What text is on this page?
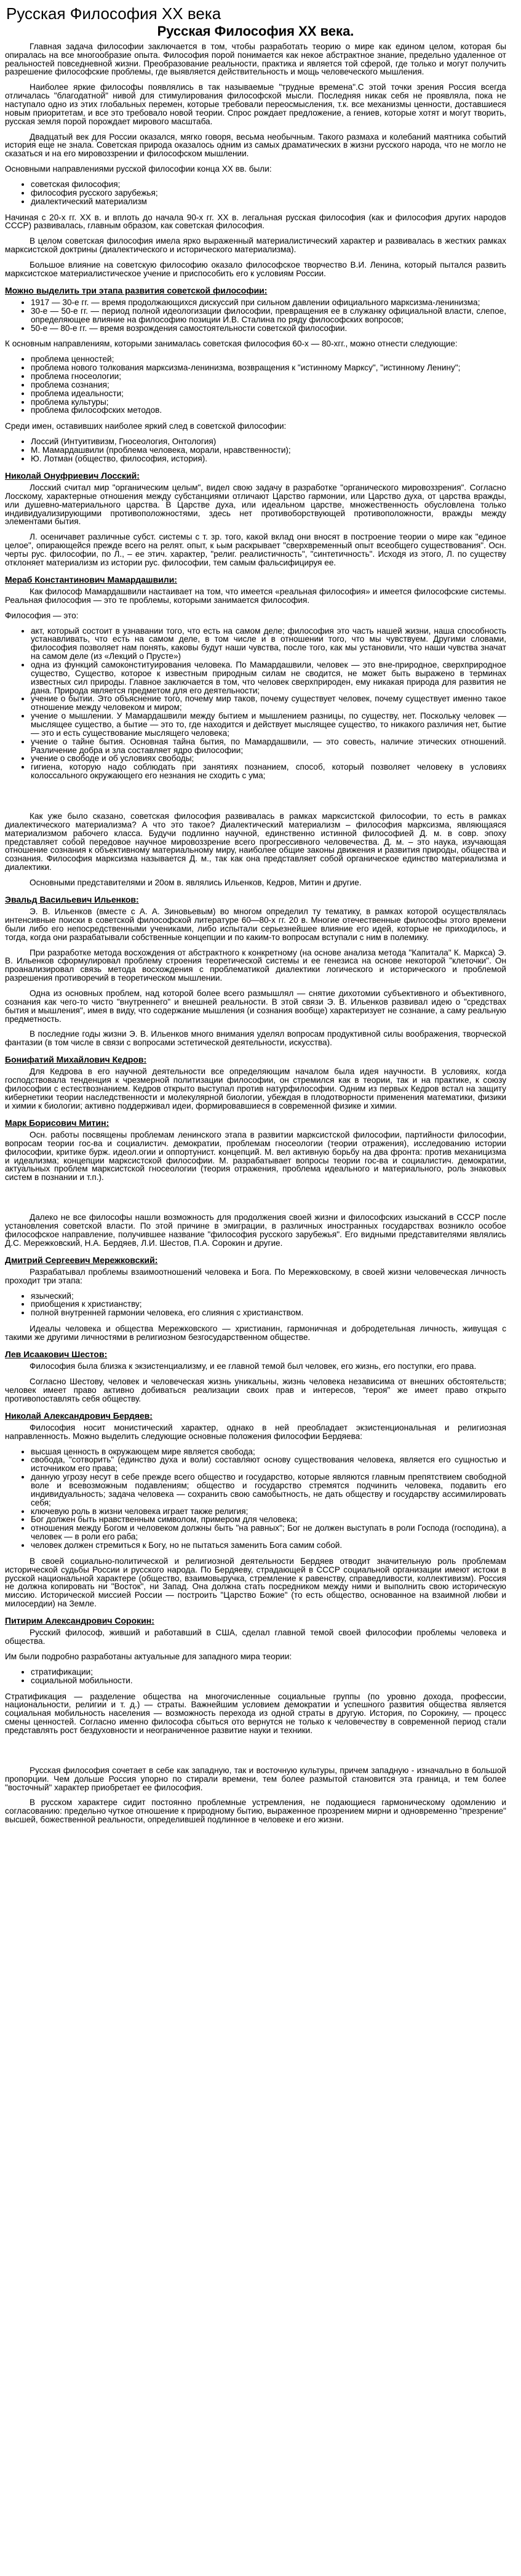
Русская Философия XX века
Русская Философия XX века.

Главная задача философии заключается в том, чтобы разработать теорию о мире как едином целом, которая бы опиралась на все многообразие опыта. Философия порой понимается как некое абстрактное знание, предельно удаленное от реальностей повседневной жизни. Преобразование реальности, практика и является той сферой, где только и могут получить разрешение философские проблемы, где выявляется действительность и мощь человеческого мышления.

Наиболее яркие философы появлялись в так называемые "трудные времена".С этой точки зрения Россия всегда отличалась "благодатной" нивой для стимулирования философской мысли. Последняя никак себя не проявляла, пока не наступало одно из этих глобальных перемен, которые требовали переосмысления, т.к. все механизмы ценности, доставшиеся новым приоритетам, и все это требовало новой теории. Спрос рождает предложение, а гениев, которые хотят и могут творить, русская земля порой порождает мирового масштаба.

Двадцатый век для России оказался, мягко говоря, весьма необычным. Такого размаха и колебаний маятника событий история еще не знала. Советская природа оказалось одним из самых драматических в жизни русского народа, что не могло не сказаться и на его мировоззрении и философском мышлении.

Основными направлениями русской философии конца XX вв. были:

• советская философия;
• философия русского зарубежья;
• диалектический материализм

Начиная с 20-х гг. XX в. и вплоть до начала 90-х гг. XX в. легальная русская философия (как и философия других народов СССР) развивалась, главным образом, как советская философия.

В целом советская философия имела ярко выраженный материалистический характер и развивалась в жестких рамках марксистской доктрины (диалектического и исторического материализма).

Большое влияние на советскую философию оказало философское творчество В.И. Ленина, который пытался развить марксистское материалистическое учение и приспособить его к условиям России.

Можно выделить три этапа развития советской философии:
• 1917 — 30-е гг. — время продолжающихся дискуссий при сильном давлении официального марксизма-ленинизма;
• 30-е — 50-е гг. — период полной идеологизации философии, превращения ее в служанку официальной власти, слепое, определяющее влияние на философию позиции И.В. Сталина по ряду философских вопросов;
• 50-е — 80-е гг. — время возрождения самостоятельности советской философии.

К основным направлениям, которыми занималась советская философия 60-х — 80-хгг., можно отнести следующие:

• проблема ценностей;
• проблема нового толкования марксизма-ленинизма, возвращения к "истинному Марксу", "истинному Ленину";
• проблема гносеологии;
• проблема сознания;
• проблема идеальности;
• проблема культуры;
• проблема философских методов.

Среди имен, оставивших наиболее яркий след в советской философии:

• Лоссий (Интуитивизм, Гносеология, Онтология)
• М. Мамардашвили (проблема человека, морали, нравственности);
• Ю. Лотман (общество, философия, история).
Николай Онуфриевич Лосский:

Лосский считал мир "органическим целым", видел свою задачу в разработке "органического мировоззрения". Согласно Лосскому, характерные отношения между субстанциями отличают Царство гармонии, или Царство духа, от царства вражды, или душевно-материального царства. В Царстве духа, или идеальном царстве, множественность обусловлена только индивидуализирующими противоположностями, здесь нет противоборствующей противоположности, вражды между элементами бытия.

Л. осеничавет различные субст. системы с т. зр. того, какой вклад они вносят в построение теории о мире как "единое целое", опирающейся прежде всего на релят. опыт, к ьым раскрывает "сверхвременный опыт всеобщего существования". Осн. черты рус. философии, по Л., – ее этич. характер, "религ. реалистичность", "синтетичность". Исходя из этого, Л. по существу отклоняет материализм из истории рус. философии, тем самым фальсифицируя ее.

Мераб Константинович Мамардашвили:

Как философ Мамардашвили настаивает на том, что имеется «реальная философия» и имеется философские системы. Реальная философия — это те проблемы, которыми занимается философия.

Философия — это:

• акт, который состоит в узнавании того, что есть на самом деле; философия это часть нашей жизни, наша способность устанавливать, что есть на самом деле, в том числе и в отношении того, что мы чувствуем. Другими словами, философия позволяет нам понять, каковы будут наши чувства, после того, как мы установили, что наши чувства значат на самом деле (из «Лекций о Прусте»)
• одна из функций самоконституирования человека. По Мамардашвили, человек — это вне-природное, сверхприродное существо, Существо, которое к известным природным силам не сводится, не может быть выражено в терминах известных сил природы. Главное заключается в том, что человек сверхприроден, ему никакая природа для развития не дана. Природа является предметом для его деятельности;
• учение о бытии. Это объяснение того, почему мир таков, почему существует человек, почему существует именно такое отношение между человеком и миром;
• учение о мышлении. У Мамардашвили между бытием и мышлением разницы, по существу, нет. Поскольку человек — мыслящее существо, а бытие — это то, где находится и действует мыслящее существо, то никакого различия нет, бытие — это и есть существование мыслящего человека;
• учение о тайне бытия. Основная тайна бытия, по Мамардашвили, — это совесть, наличие этических отношений. Различение добра и зла составляет ядро философии;
• учение о свободе и об условиях свободы;
• гигиена, которую надо соблюдать при занятиях познанием, способ, который позволяет человеку в условиях колоссального окружающего его незнания не сходить с ума;

Как уже было сказано, советская философия развивалась в рамках марксистской философии, то есть в рамках диалектического материализма? А что это такое? Диалектический материализм – философия марксизма, являющаяся материализмом рабочего класса. Будучи подлинно научной, единственно истинной философией Д. м. в совр. эпоху представляет собой передовое научное мировоззрение всего прогрессивного человечества. Д. м. – это наука, изучающая отношение сознания к объективному материальному миру, наиболее общие законы движения и развития природы, общества и сознания. Философия марксизма называется Д. м., так как она представляет собой органическое единство материализма и диалектики.

Основными представителями и 20ом в. являлись Ильенков, Кедров, Митин и другие.

Эвальд Васильевич Ильенков:

Э. В. Ильенков (вместе с А. А. Зиновьевым) во многом определил ту тематику, в рамках которой осуществлялась интенсивные поиски в советской философской литературе 60—80-х гг. 20 в. Многие отечественные философы этого времени были либо его непосредственными учениками, либо испытали серьезнейшее влияние его идей, которые не приходилось, и тогда, когда они разрабатывали собственные концепции и по каким-то вопросам вступали с ним в полемику.

При разработке метода восхождения от абстрактного к конкретному (на основе анализа метода "Капитала" К. Маркса) Э. В. Ильенков сформулировал проблему строения теоретической системы и ее генезиса на основе некоторой "клеточки". Он проанализировал связь метода восхождения с проблематикой диалектики логического и исторического и проблемой разрешения противоречий в теоретическом мышлении.

Одна из основных проблем, над которой более всего размышлял — снятие дихотомии субъективного и объективного, сознания как чего-то чисто "внутреннего" и внешней реальности. В этой связи Э. В. Ильенков развивал идею о "средствах бытия и мышления", имея в виду, что содержание мышления (и сознания вообще) характеризует не сознание, а саму реальную предметность.

В последние годы жизни Э. В. Ильенков много внимания уделял вопросам продуктивной силы воображения, творческой фантазии (в том числе в связи с вопросами эстетической деятельности, искусства).

Бонифатий Михайлович Кедров:

Для Кедрова в его научной деятельности все определяющим началом была идея научности. В условиях, когда господствовала тенденция к чрезмерной политизации философии, он стремился как в теории, так и на практике, к союзу философии с естествознанием. Кедров открыто выступал против натурфилософии. Одним из первых Кедров встал на защиту кибернетики теории наследственности и молекулярной биологии, убеждая в плодотворности применения математики, физики и химии к биологии; активно поддерживал идеи, формировавшиеся в современной физике и химии.

Марк Борисович Митин:

Осн. работы посвящены проблемам ленинского этапа в развитии марксистской философии, партийности философии, вопросам теории гос-ва и социалистич. демократии, проблемам гносеологии (теории отражения), исследованию истории философии, критике бурж. идеол.огии и оппортунист. концепций. М. вел активную борьбу на два фронта: против механицизма и идеализма; концепции марксистской философии. М. разрабатывает вопросы теории гос-ва и социалистич. демократии, актуальных проблем марксистской гносеологии (теория отражения, проблема идеального и материального, роль знаковых систем в познании и т.п.).

Далеко не все философы нашли возможность для продолжения своей жизни и философских изысканий в СССР после установления советской власти. По этой причине в эмиграции, в различных иностранных государствах возникло особое философское направление, получившее название "философия русского зарубежья". Его видными представителями являлись Д.С. Мережковский, Н.А. Бердяев, Л.И. Шестов, П.А. Сорокин и другие.

Дмитрий Сергеевич Мережковский:

Разрабатывал проблемы взаимоотношений человека и Бога. По Мережковскому, в своей жизни человеческая личность проходит три этапа:

• языческий;
• приобщения к христианству;
• полной внутренней гармонии человека, его слияния с христианством.

Идеалы человека и общества Мережковского — христианин, гармоничная и добродетельная личность, живущая с такими же другими личностями в религиозном безгосударственном обществе.

Лев Исаакович Шестов:

Философия была близка к экзистенциализму, и ее главной темой был человек, его жизнь, его поступки, его права.

Согласно Шестову, человек и человеческая жизнь уникальны, жизнь человека независима от внешних обстоятельств; человек имеет право активно добиваться реализации своих прав и интересов, "героя" же имеет право открыто противопоставлять себя обществу.

Николай Александрович Бердяев:

Философия носит монистический характер, однако в ней преобладает экзистенциональная и религиозная направленность. Можно выделить следующие основные положения философии Бердяева:

• высшая ценность в окружающем мире является свобода;
• свобода, "сотворить" (единство духа и воли) составляют основу существования человека, является его сущностью и источником его права;
• данную угрозу несут в себе прежде всего общество и государство, которые являются главным препятствием свободной воле и всевозможным подавлениям; общество и государство стремятся подчинить человека, подавить его индивидуальность; задача человека — сохранить свою самобытность, не дать обществу и государству ассимилировать себя;
• ключевую роль в жизни человека играет также религия;
• Бог должен быть нравственным символом, примером для человека;
• отношения между Богом и человеком должны быть "на равных"; Бог не должен выступать в роли Господа (господина), а человек — в роли его раба;
• человек должен стремиться к Богу, но не пытаться заменить Бога самим собой.

В своей социально-политической и религиозной деятельности Бердяев отводит значительную роль проблемам исторической судьбы России и русского народа. По Бердяеву, страдающей в СССР социальной организации имеют истоки в русской национальной характере (общество, взаимовыручка, стремление к равенству, справедливости, коллективизм). Россия не должна копировать ни "Восток", ни Запад. Она должна стать посредником между ними и выполнить свою историческую миссию. Исторической миссией России — построить "Царство Божие" (то есть общество, основанное на взаимной любви и милосердии) на Земле.

Питирим Александрович Сорокин:

Русский философ, живший и работавший в США, сделал главной темой своей философии проблемы человека и общества.

Им были подробно разработаны актуальные для западного мира теории:

• стратификации;
• социальной мобильности.

Стратификация — разделение общества на многочисленные социальные группы (по уровню дохода, профессии, национальности, религии и т. д.) — страты. Важнейшим условием демократии и успешного развития общества является социальная мобильность населения — возможность перехода из одной страты в другую. История, по Сорокину, — процесс смены ценностей. Согласно именно философа сбыться ото вернутся не только к человечеству в современной период стали представлять рост бездуховности и неограниченное развитие науки и техники.

Русская философия сочетает в себе как западную, так и восточную культуры, причем западную - изначально в большой пропорции. Чем дольше Россия упорно по стирали времени, тем более размытой становится эта граница, и тем более "восточный" характер приобретает ее философия.

В русском характере сидит постоянно проблемные устремления, не подающиеся гармоническому одомлению и согласованию: предельно чуткое отношение к природному бытию, выраженное прозрением мирни и одновременно "презрение" высшей, божественной реальности, определившей подлинное в человеке и его жизни.
